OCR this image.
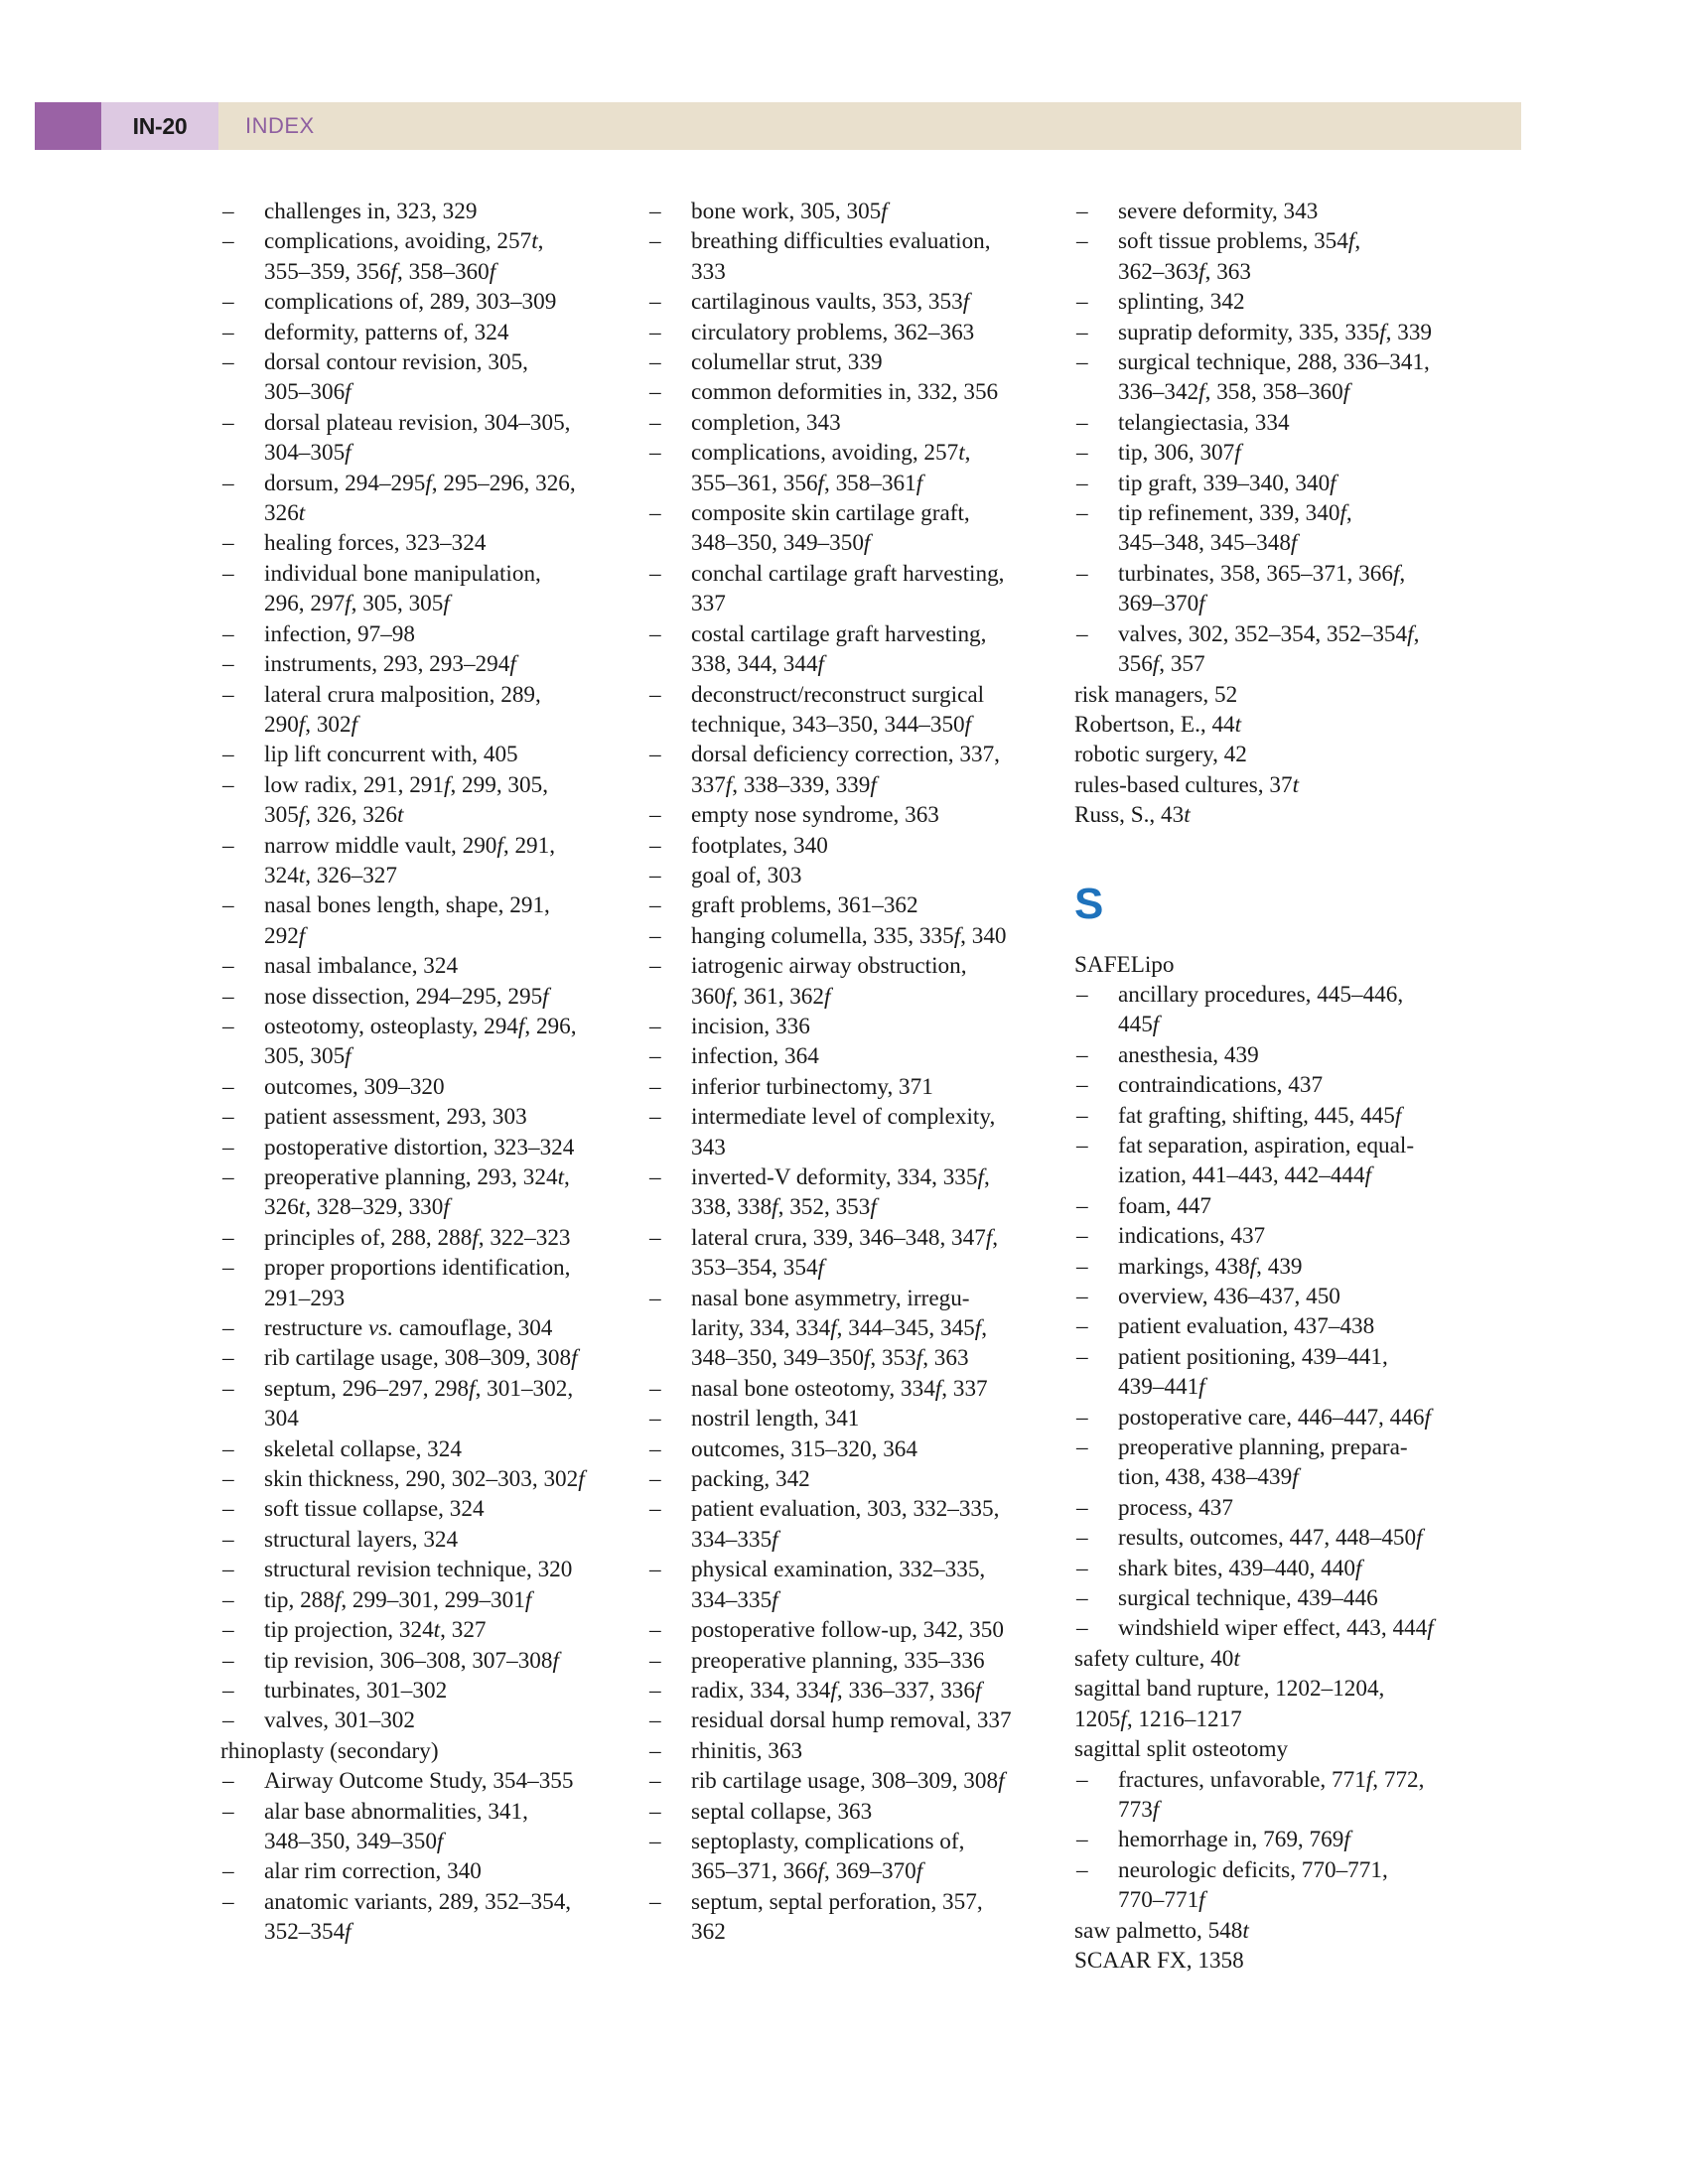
IN-20	INDEX
– challenges in, 323, 329
– complications, avoiding, 257t,
355–359, 356f, 358–360f
– complications of, 289, 303–309
– deformity, patterns of, 324
– dorsal contour revision, 305,
305–306f
– dorsal plateau revision, 304–305,
304–305f
– dorsum, 294–295f, 295–296, 326,
326t
– healing forces, 323–324
– individual bone manipulation,
296, 297f, 305, 305f
– infection, 97–98
– instruments, 293, 293–294f
– lateral crura malposition, 289,
290f, 302f
– lip lift concurrent with, 405
– low radix, 291, 291f, 299, 305,
305f, 326, 326t
– narrow middle vault, 290f, 291,
324t, 326–327
– nasal bones length, shape, 291,
292f
– nasal imbalance, 324
– nose dissection, 294–295, 295f
– osteotomy, osteoplasty, 294f, 296,
305, 305f
– outcomes, 309–320
– patient assessment, 293, 303
– postoperative distortion, 323–324
– preoperative planning, 293, 324t,
326t, 328–329, 330f
– principles of, 288, 288f, 322–323
– proper proportions identification,
291–293
– restructure vs. camouflage, 304
– rib cartilage usage, 308–309, 308f
– septum, 296–297, 298f, 301–302,
304
– skeletal collapse, 324
– skin thickness, 290, 302–303, 302f
– soft tissue collapse, 324
– structural layers, 324
– structural revision technique, 320
– tip, 288f, 299–301, 299–301f
– tip projection, 324t, 327
– tip revision, 306–308, 307–308f
– turbinates, 301–302
– valves, 301–302
rhinoplasty (secondary)
– Airway Outcome Study, 354–355
– alar base abnormalities, 341,
348–350, 349–350f
– alar rim correction, 340
– anatomic variants, 289, 352–354,
352–354f
– bone work, 305, 305f
– breathing difficulties evaluation,
333
– cartilaginous vaults, 353, 353f
– circulatory problems, 362–363
– columellar strut, 339
– common deformities in, 332, 356
– completion, 343
– complications, avoiding, 257t,
355–361, 356f, 358–361f
– composite skin cartilage graft,
348–350, 349–350f
– conchal cartilage graft harvesting,
337
– costal cartilage graft harvesting,
338, 344, 344f
– deconstruct/reconstruct surgical
technique, 343–350, 344–350f
– dorsal deficiency correction, 337,
337f, 338–339, 339f
– empty nose syndrome, 363
– footplates, 340
– goal of, 303
– graft problems, 361–362
– hanging columella, 335, 335f, 340
– iatrogenic airway obstruction,
360f, 361, 362f
– incision, 336
– infection, 364
– inferior turbinectomy, 371
– intermediate level of complexity,
343
– inverted-V deformity, 334, 335f,
338, 338f, 352, 353f
– lateral crura, 339, 346–348, 347f,
353–354, 354f
– nasal bone asymmetry, irregu-
larity, 334, 334f, 344–345, 345f,
348–350, 349–350f, 353f, 363
– nasal bone osteotomy, 334f, 337
– nostril length, 341
– outcomes, 315–320, 364
– packing, 342
– patient evaluation, 303, 332–335,
334–335f
– physical examination, 332–335,
334–335f
– postoperative follow-up, 342, 350
– preoperative planning, 335–336
– radix, 334, 334f, 336–337, 336f
– residual dorsal hump removal, 337
– rhinitis, 363
– rib cartilage usage, 308–309, 308f
– septal collapse, 363
– septoplasty, complications of,
365–371, 366f, 369–370f
– septum, septal perforation, 357,
362
– severe deformity, 343
– soft tissue problems, 354f,
362–363f, 363
– splinting, 342
– supratip deformity, 335, 335f, 339
– surgical technique, 288, 336–341,
336–342f, 358, 358–360f
– telangiectasia, 334
– tip, 306, 307f
– tip graft, 339–340, 340f
– tip refinement, 339, 340f,
345–348, 345–348f
– turbinates, 358, 365–371, 366f,
369–370f
– valves, 302, 352–354, 352–354f,
356f, 357
risk managers, 52
Robertson, E., 44t
robotic surgery, 42
rules-based cultures, 37t
Russ, S., 43t
S
SAFELipo
– ancillary procedures, 445–446,
445f
– anesthesia, 439
– contraindications, 437
– fat grafting, shifting, 445, 445f
– fat separation, aspiration, equal-
ization, 441–443, 442–444f
– foam, 447
– indications, 437
– markings, 438f, 439
– overview, 436–437, 450
– patient evaluation, 437–438
– patient positioning, 439–441,
439–441f
– postoperative care, 446–447, 446f
– preoperative planning, prepara-
tion, 438, 438–439f
– process, 437
– results, outcomes, 447, 448–450f
– shark bites, 439–440, 440f
– surgical technique, 439–446
– windshield wiper effect, 443, 444f
safety culture, 40t
sagittal band rupture, 1202–1204,
1205f, 1216–1217
sagittal split osteotomy
– fractures, unfavorable, 771f, 772,
773f
– hemorrhage in, 769, 769f
– neurologic deficits, 770–771,
770–771f
saw palmetto, 548t
SCAAR FX, 1358
